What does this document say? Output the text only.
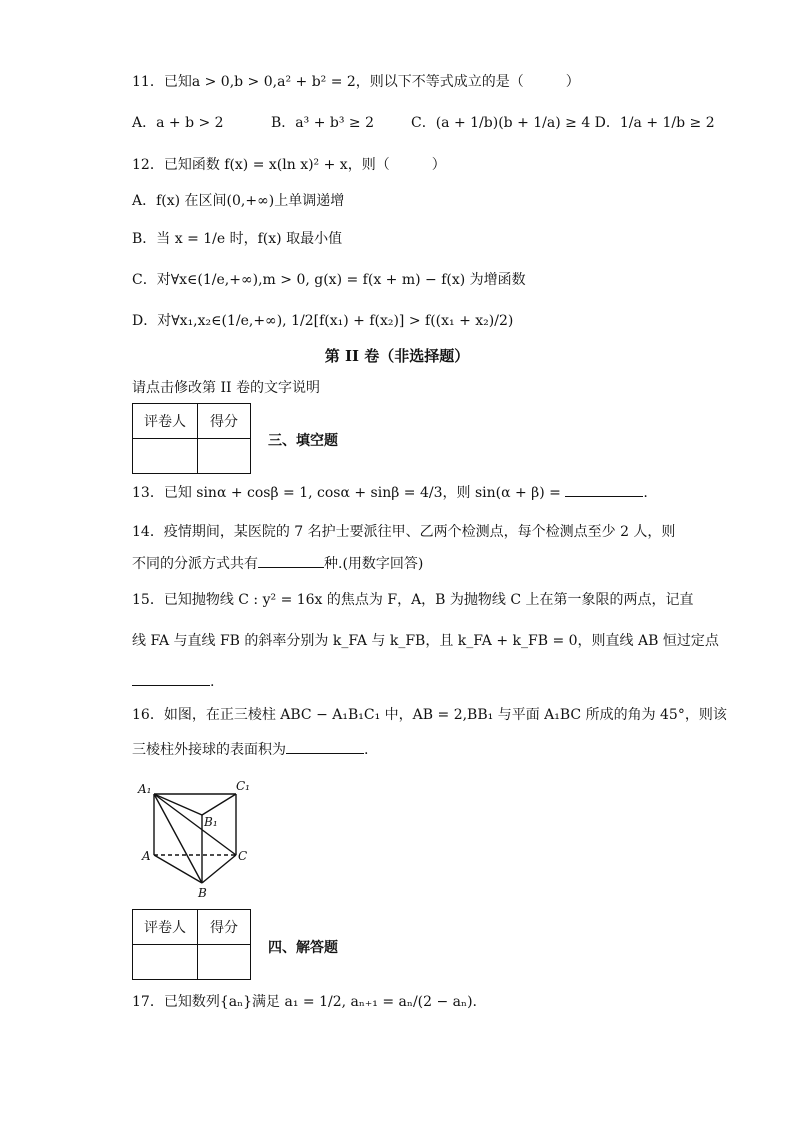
11．已知a > 0,b > 0,a² + b² = 2，则以下不等式成立的是（　　　）
A．a + b > 2	B．a³ + b³ ≥ 2	C．(a + 1/b)(b + 1/a) ≥ 4 D．1/a + 1/b ≥ 2
12．已知函数 f(x) = x(ln x)² + x，则（　　　）
A．f(x) 在区间(0,+∞)上单调递增
B．当 x = 1/e 时，f(x) 取最小值
C．对∀x∈(1/e,+∞),m > 0, g(x) = f(x + m) − f(x) 为增函数
D．对∀x₁,x₂∈(1/e,+∞), 1/2[f(x₁) + f(x₂)] > f((x₁ + x₂)/2)
第 II 卷（非选择题）
请点击修改第 II 卷的文字说明
评卷人	得分

三、填空题
13．已知 sinα + cosβ = 1, cosα + sinβ = 4/3，则 sin(α + β) =	.
14．疫情期间，某医院的 7 名护士要派往甲、乙两个检测点，每个检测点至少 2 人，则
不同的分派方式共有	种.(用数字回答)
15．已知抛物线 C : y² = 16x 的焦点为 F，A，B 为抛物线 C 上在第一象限的两点，记直
线 FA 与直线 FB 的斜率分别为 k_FA 与 k_FB，且 k_FA + k_FB = 0，则直线 AB 恒过定点
.
16．如图，在正三棱柱 ABC − A₁B₁C₁ 中，AB = 2,BB₁ 与平面 A₁BC 所成的角为 45°，则该
三棱柱外接球的表面积为	.
A₁	C₁
B₁
A	C
B
评卷人	得分

四、解答题
17．已知数列{aₙ}满足 a₁ = 1/2, aₙ₊₁ = aₙ/(2 − aₙ).
